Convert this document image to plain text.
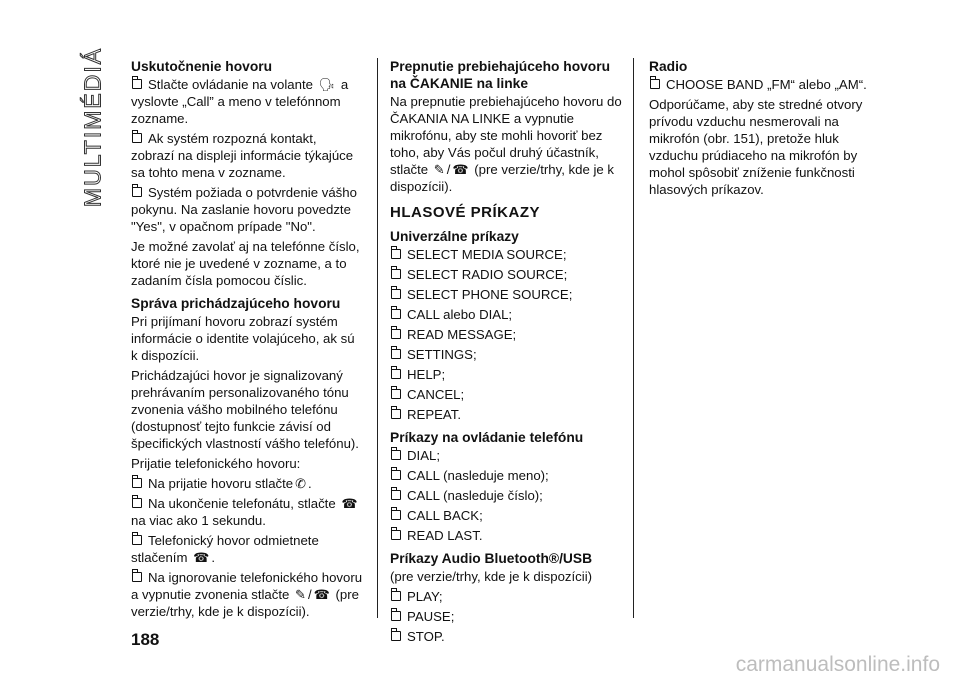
MULTIMÉDIÁ Uskutočnenie hovoru

Stlačte ovládanie na volante 🗣 a vyslovte „Call” a meno v telefónnom zozname.

Ak systém rozpozná kontakt, zobrazí na displeji informácie týkajúce sa tohto mena v zozname.

Systém požiada o potvrdenie vášho pokynu. Na zaslanie hovoru povedzte "Yes", v opačnom prípade "No".

Je možné zavolať aj na telefónne číslo, ktoré nie je uvedené v zozname, a to zadaním čísla pomocou číslic.

Správa prichádzajúceho hovoru

Pri prijímaní hovoru zobrazí systém informácie o identite volajúceho, ak sú k dispozícii.

Prichádzajúci hovor je signalizovaný prehrávaním personalizovaného tónu zvonenia vášho mobilného telefónu (dostupnosť tejto funkcie závisí od špecifických vlastností vášho telefónu).

Prijatie telefonického hovoru:

Na prijatie hovoru stlačte ✆ .

Na ukončenie telefonátu, stlačte ☎ na viac ako 1 sekundu.

Telefonický hovor odmietnete stlačením ☎ .

Na ignorovanie telefonického hovoru a vypnutie zvonenia stlačte ✎ / ☎ (pre verzie/trhy, kde je k dispozícii).

Prepnutie prebiehajúceho hovoru na ČAKANIE na linke

Na prepnutie prebiehajúceho hovoru do ČAKANIA NA LINKE a vypnutie mikrofónu, aby ste mohli hovoriť bez toho, aby Vás počul druhý účastník, stlačte ✎ / ☎ (pre verzie/trhy, kde je k dispozícii).

HLASOVÉ PRÍKAZY
Univerzálne príkazy

SELECT MEDIA SOURCE;

SELECT RADIO SOURCE;

SELECT PHONE SOURCE;

CALL alebo DIAL;

READ MESSAGE;

SETTINGS;

HELP;

CANCEL;

REPEAT.

Príkazy na ovládanie telefónu

DIAL;

CALL (nasleduje meno);

CALL (nasleduje číslo);

CALL BACK;

READ LAST.

Príkazy Audio Bluetooth®/USB

(pre verzie/trhy, kde je k dispozícii)

PLAY;

PAUSE;

STOP.

Radio

CHOOSE BAND „FM“ alebo „AM“.

Odporúčame, aby ste stredné otvory prívodu vzduchu nesmerovali na mikrofón (obr. 151), pretože hluk vzduchu prúdiaceho na mikrofón by mohol spôsobiť zníženie funkčnosti hlasových príkazov.

188
carmanualsonline.info
